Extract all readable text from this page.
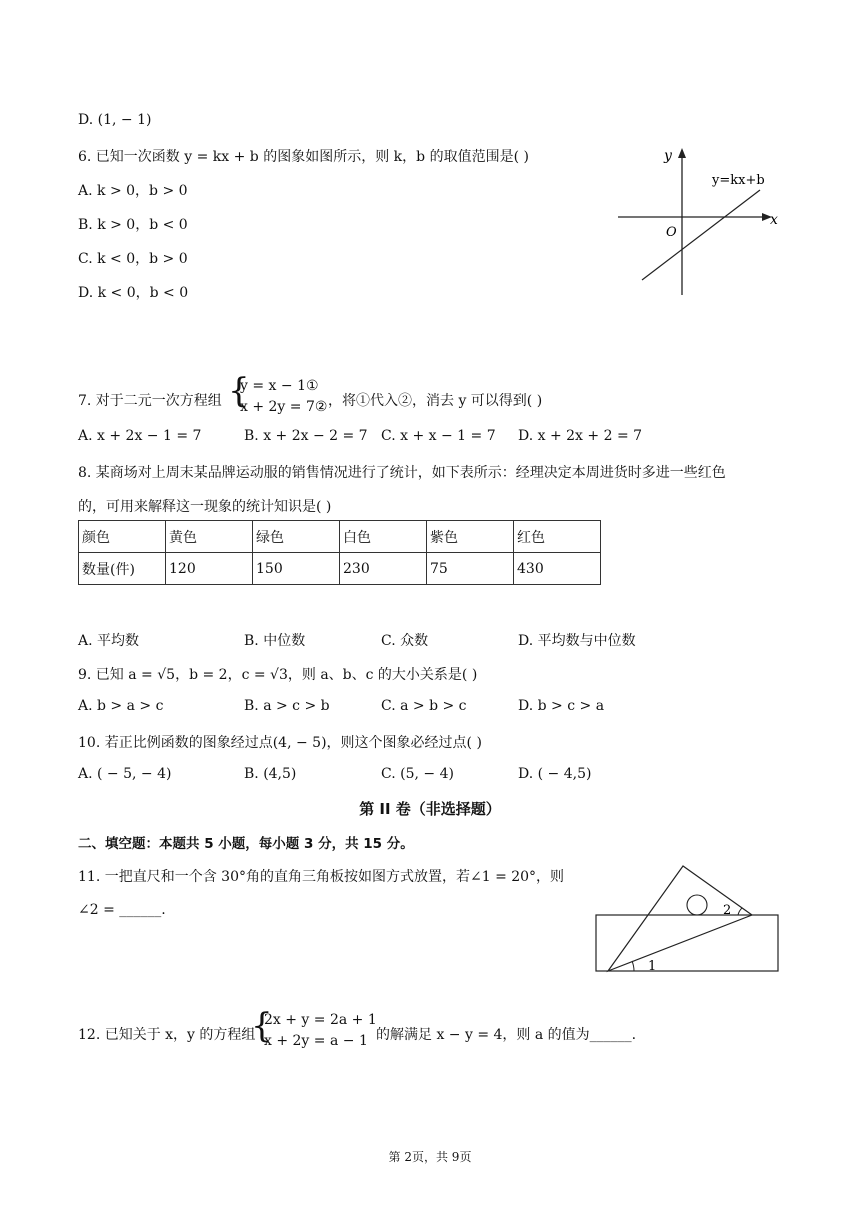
D. (1, − 1)
6. 已知一次函数 y = kx + b 的图象如图所示，则 k，b 的取值范围是( )
A. k > 0，b > 0
B. k > 0，b < 0
C. k < 0，b > 0
D. k < 0，b < 0
y
x
O
y=kx+b
7. 对于二元一次方程组 {
y = x − 1①
x + 2y = 7② ，将①代入②，消去 y 可以得到( )
A. x + 2x − 1 = 7	B. x + 2x − 2 = 7 C. x + x − 1 = 7 D. x + 2x + 2 = 7
8. 某商场对上周末某品牌运动服的销售情况进行了统计，如下表所示：经理决定本周进货时多进一些红色
的，可用来解释这一现象的统计知识是( )
颜色	黄色	绿色	白色	紫色	红色
数量(件)	120	150	230	75	430
A. 平均数	B. 中位数	C. 众数	D. 平均数与中位数
9. 已知 a = √5，b = 2，c = √3，则 a、b、c 的大小关系是( )
A. b > a > c	B. a > c > b	C. a > b > c	D. b > c > a
10. 若正比例函数的图象经过点(4, − 5)，则这个图象必经过点( )
A. ( − 5, − 4)	B. (4,5)	C. (5, − 4)	D. ( − 4,5)
第 II 卷（非选择题）
二、填空题：本题共 5 小题，每小题 3 分，共 15 分。
11. 一把直尺和一个含 30°角的直角三角板按如图方式放置，若∠1 = 20°，则
∠2 = ______.
1
2
12. 已知关于 x，y 的方程组
{
2x + y = 2a + 1
x + 2y = a − 1 的解满足 x − y = 4，则 a 的值为______.
第 2页，共 9页
